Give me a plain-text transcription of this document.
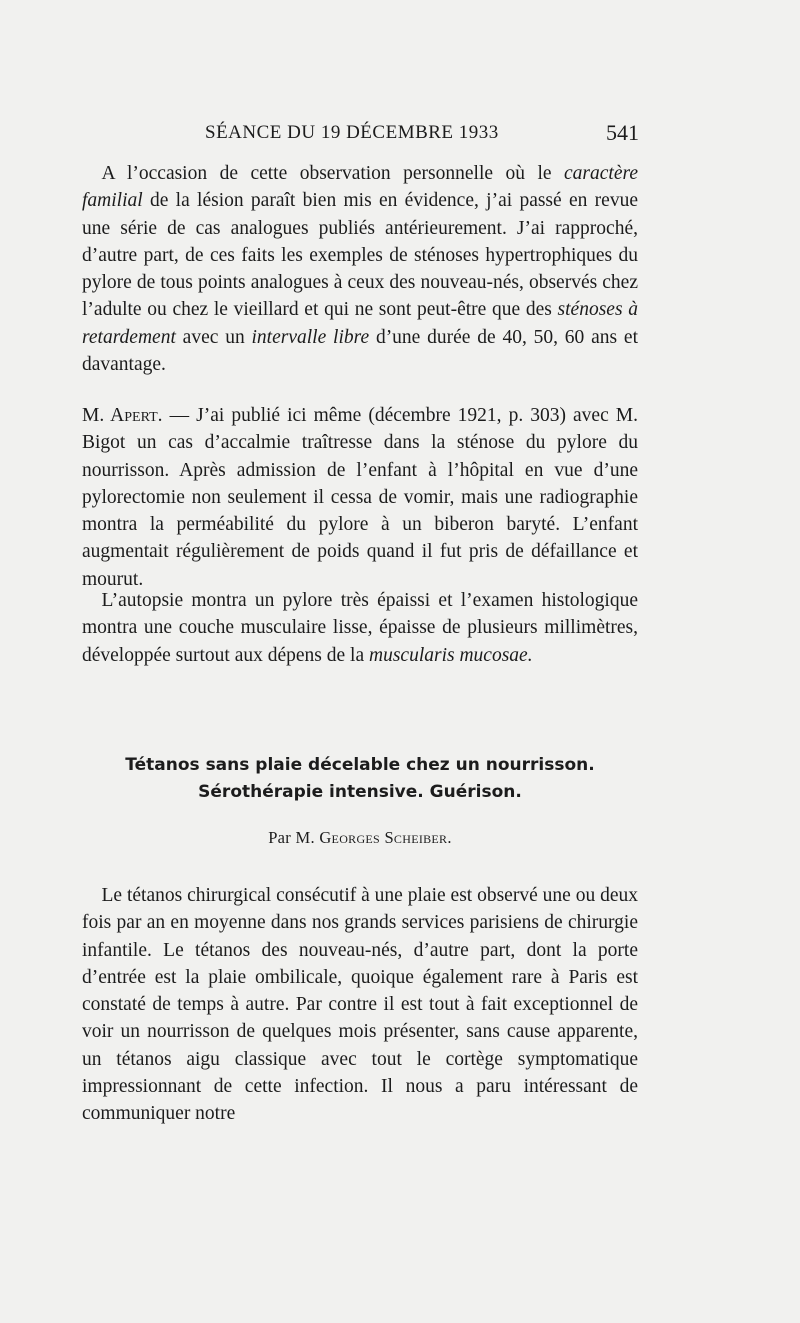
SÉANCE DU 19 DÉCEMBRE 1933	541
 A l’occasion de cette observation personnelle où le caractère familial de la lésion paraît bien mis en évidence, j’ai passé en revue une série de cas analogues publiés antérieurement. J’ai rapproché, d’autre part, de ces faits les exemples de sténoses hypertrophiques du pylore de tous points analogues à ceux des nouveau-nés, observés chez l’adulte ou chez le vieillard et qui ne sont peut-être que des sténoses à retardement avec un intervalle libre d’une durée de 40, 50, 60 ans et davantage.
M. Apert. — J’ai publié ici même (décembre 1921, p. 303) avec M. Bigot un cas d’accalmie traîtresse dans la sténose du pylore du nourrisson. Après admission de l’enfant à l’hôpital en vue d’une pylorectomie non seulement il cessa de vomir, mais une radiographie montra la perméabilité du pylore à un biberon baryté. L’enfant augmentait régulièrement de poids quand il fut pris de défaillance et mourut.
 L’autopsie montra un pylore très épaissi et l’examen histologique montra une couche musculaire lisse, épaisse de plusieurs millimètres, développée surtout aux dépens de la muscularis mucosae.
Tétanos sans plaie décelable chez un nourrisson.
Sérothérapie intensive. Guérison.
Par M. Georges Scheiber.
 Le tétanos chirurgical consécutif à une plaie est observé une ou deux fois par an en moyenne dans nos grands services parisiens de chirurgie infantile. Le tétanos des nouveau-nés, d’autre part, dont la porte d’entrée est la plaie ombilicale, quoique également rare à Paris est constaté de temps à autre. Par contre il est tout à fait exceptionnel de voir un nourrisson de quelques mois présenter, sans cause apparente, un tétanos aigu classique avec tout le cortège symptomatique impressionnant de cette infection. Il nous a paru intéressant de communiquer notre
